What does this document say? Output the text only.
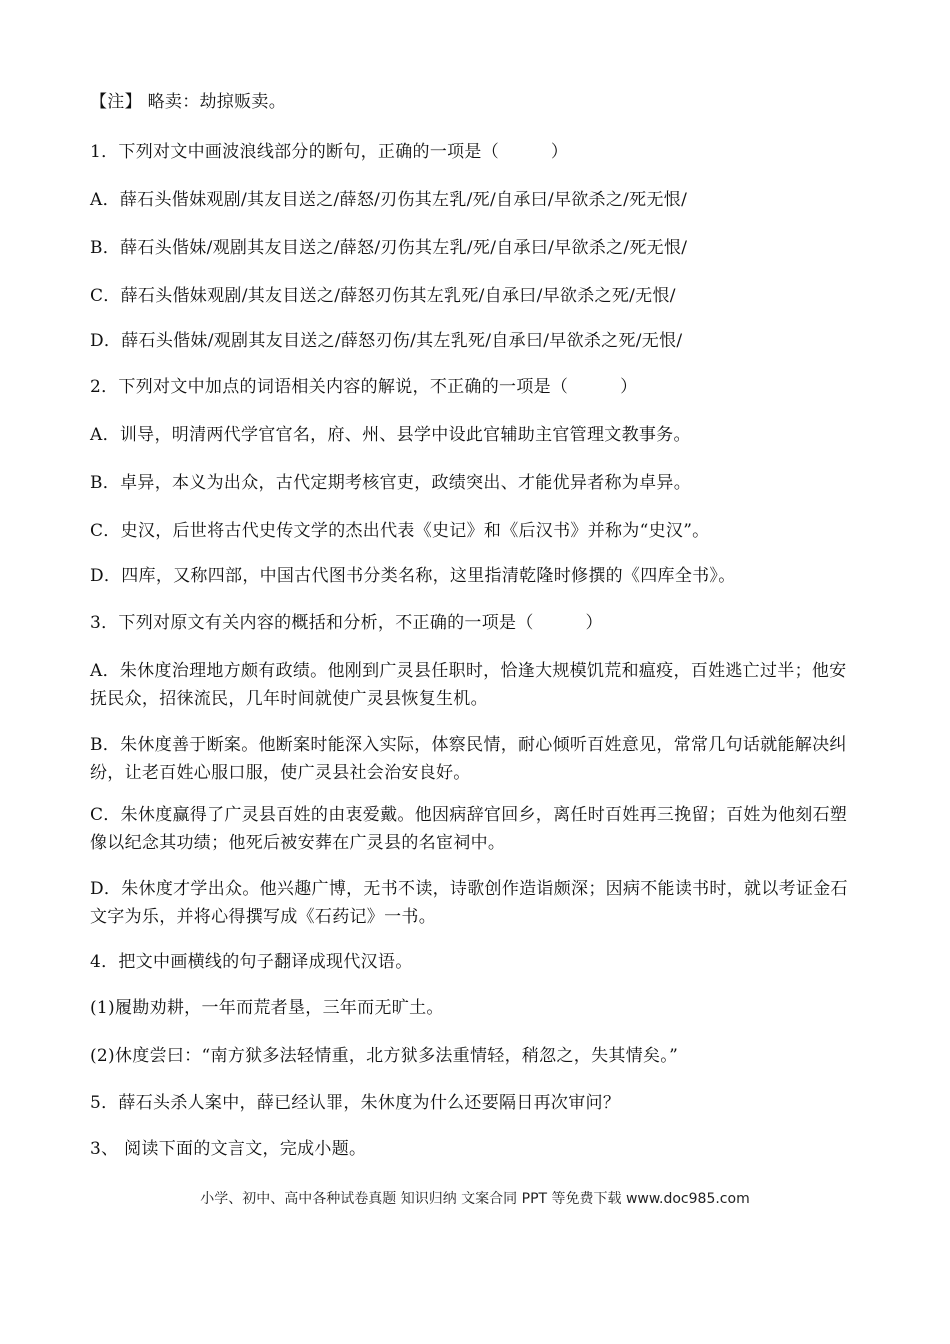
【注】 略卖：劫掠贩卖。
1．下列对文中画波浪线部分的断句，正确的一项是（　　　）
A．薛石头偕妹观剧/其友目送之/薛怒/刃伤其左乳/死/自承曰/早欲杀之/死无恨/
B．薛石头偕妹/观剧其友目送之/薛怒/刃伤其左乳/死/自承曰/早欲杀之/死无恨/
C．薛石头偕妹观剧/其友目送之/薛怒刃伤其左乳死/自承曰/早欲杀之死/无恨/
D．薛石头偕妹/观剧其友目送之/薛怒刃伤/其左乳死/自承曰/早欲杀之死/无恨/
2．下列对文中加点的词语相关内容的解说，不正确的一项是（　　　）
A．训导，明清两代学官官名，府、州、县学中设此官辅助主官管理文教事务。
B．卓异，本义为出众，古代定期考核官吏，政绩突出、才能优异者称为卓异。
C．史汉，后世将古代史传文学的杰出代表《史记》和《后汉书》并称为“史汉”。
D．四库，又称四部，中国古代图书分类名称，这里指清乾隆时修撰的《四库全书》。
3．下列对原文有关内容的概括和分析，不正确的一项是（　　　）
A．朱休度治理地方颇有政绩。他刚到广灵县任职时，恰逢大规模饥荒和瘟疫，百姓逃亡过半；他安抚民众，招徕流民，几年时间就使广灵县恢复生机。
B．朱休度善于断案。他断案时能深入实际，体察民情，耐心倾听百姓意见，常常几句话就能解决纠纷，让老百姓心服口服，使广灵县社会治安良好。
C．朱休度赢得了广灵县百姓的由衷爱戴。他因病辞官回乡，离任时百姓再三挽留；百姓为他刻石塑像以纪念其功绩；他死后被安葬在广灵县的名宦祠中。
D．朱休度才学出众。他兴趣广博，无书不读，诗歌创作造诣颇深；因病不能读书时，就以考证金石文字为乐，并将心得撰写成《石药记》一书。
4．把文中画横线的句子翻译成现代汉语。
(1)履勘劝耕，一年而荒者垦，三年而无旷土。
(2)休度尝曰：“南方狱多法轻情重，北方狱多法重情轻，稍忽之，失其情矣。”
5．薛石头杀人案中，薛已经认罪，朱休度为什么还要隔日再次审问？
3、 阅读下面的文言文，完成小题。
小学、初中、高中各种试卷真题 知识归纳 文案合同 PPT 等免费下载 www.doc985.com
